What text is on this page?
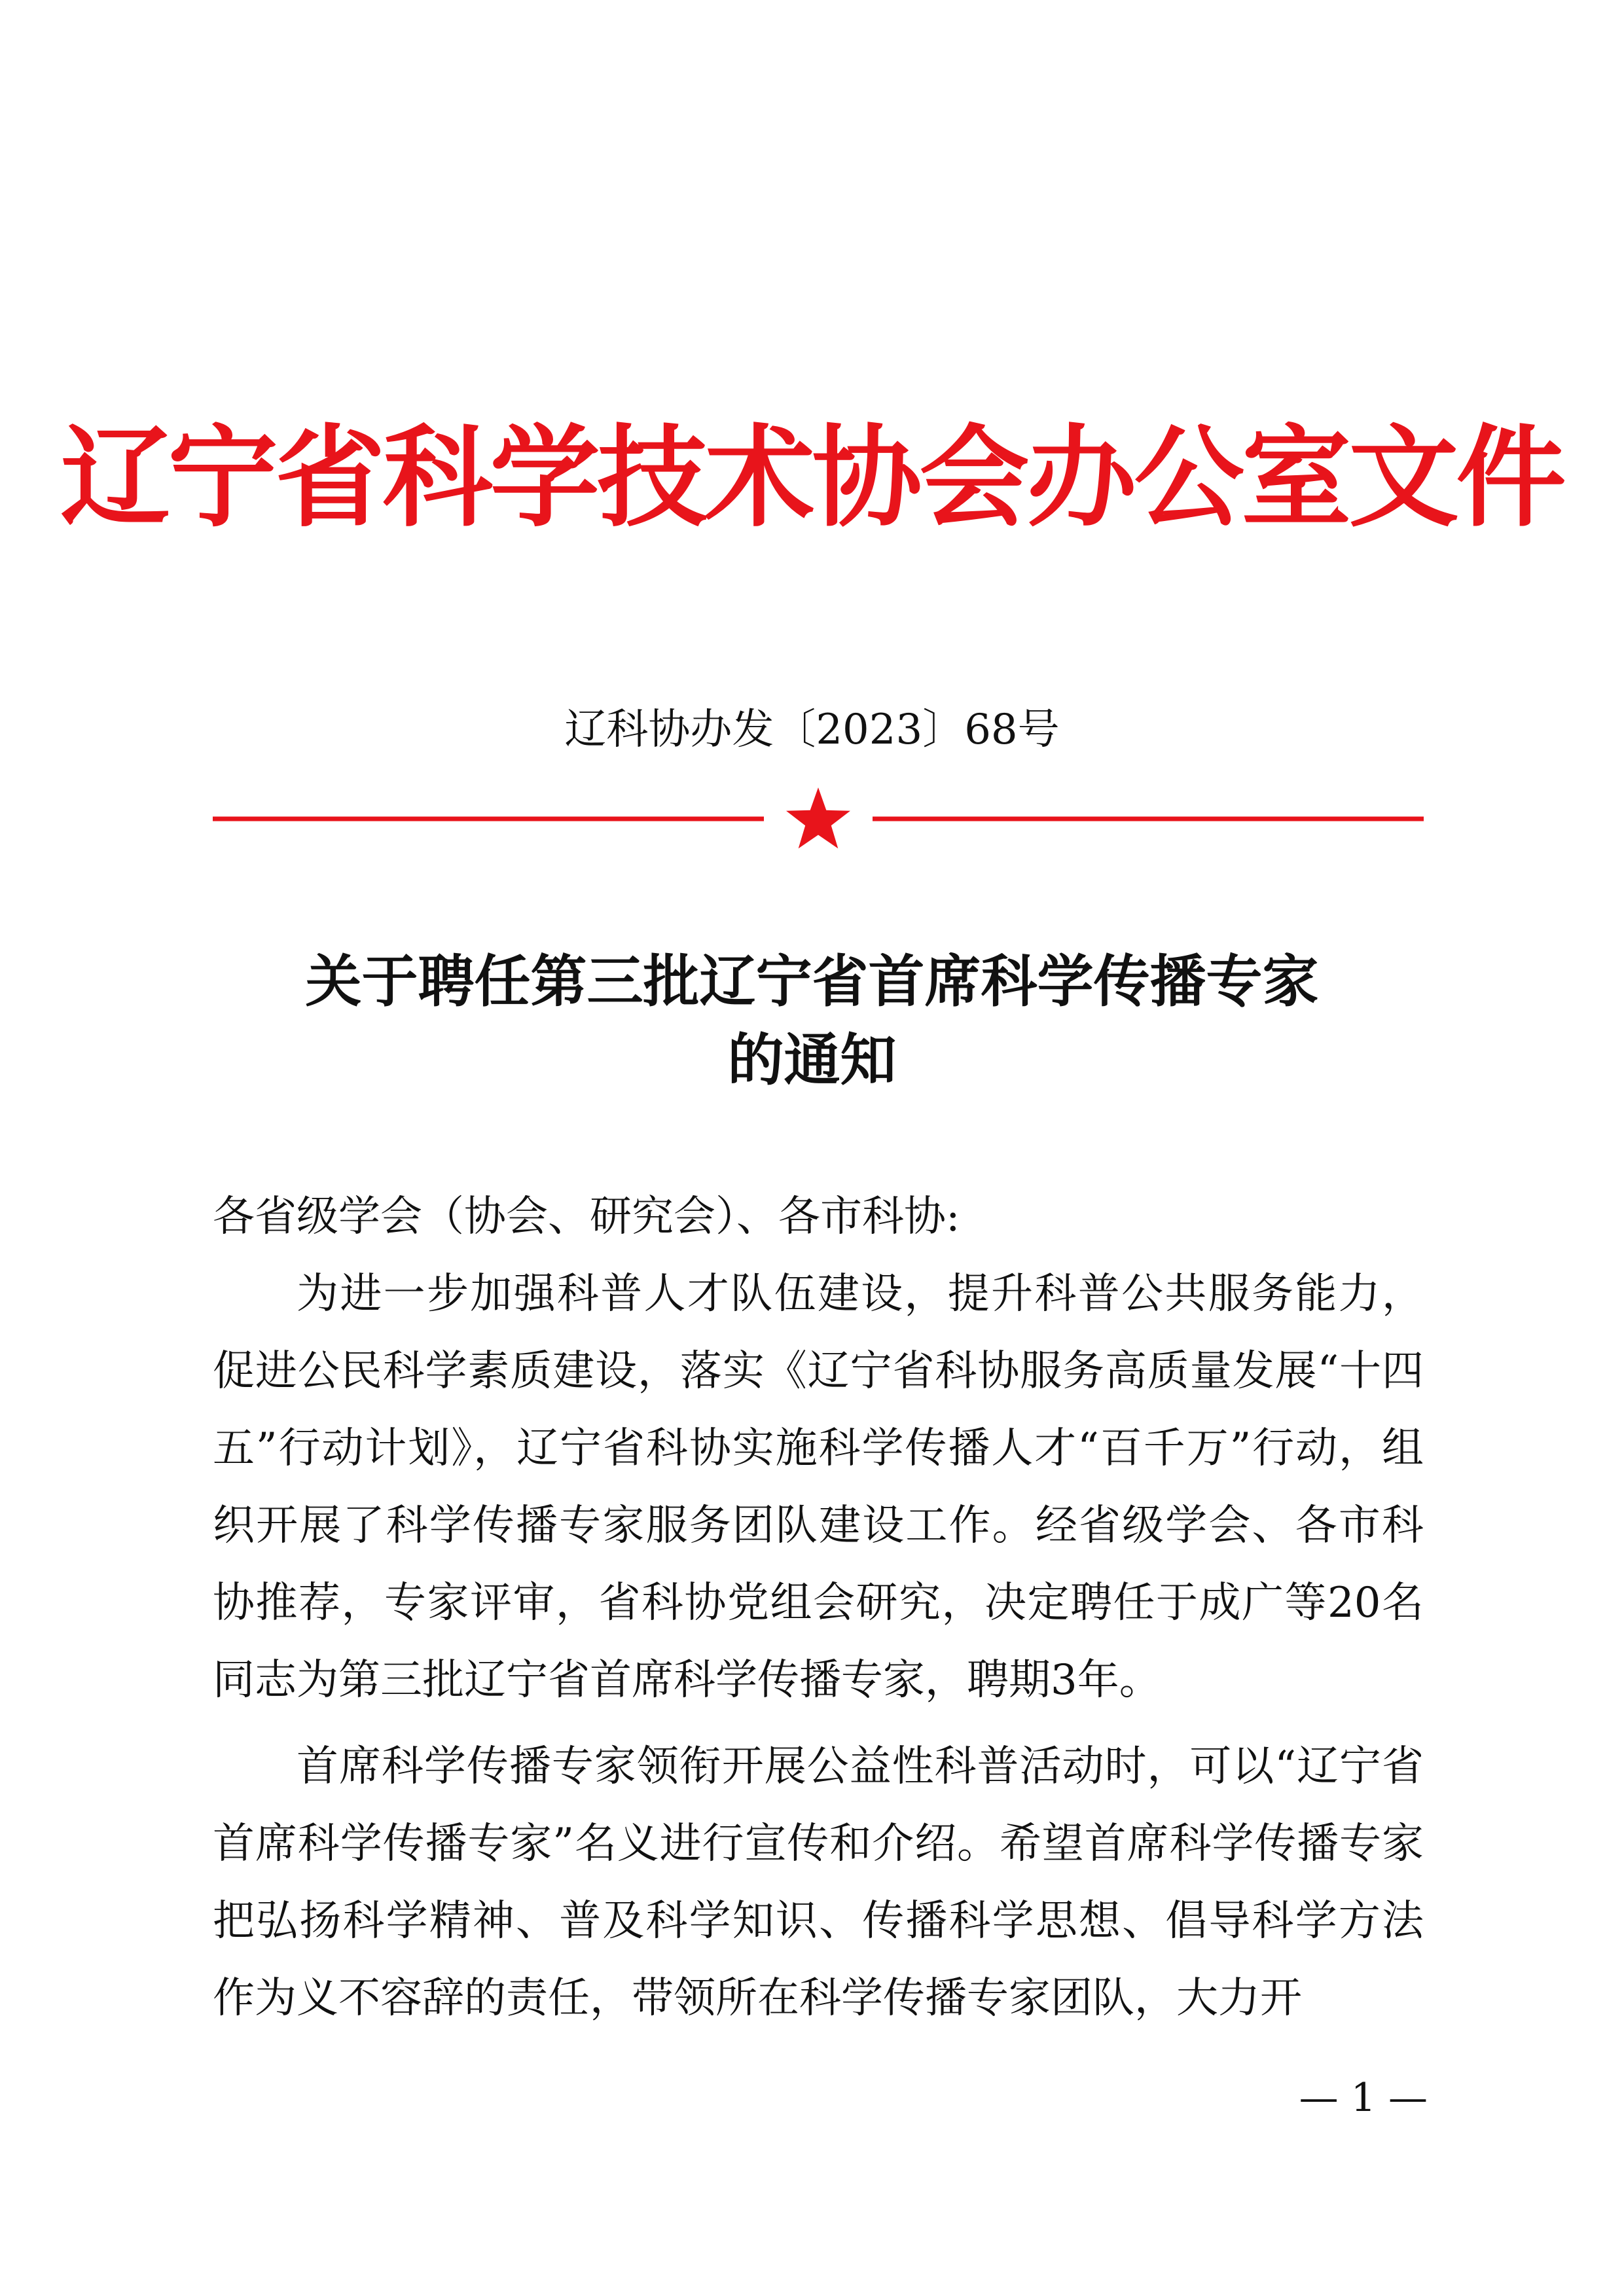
辽宁省科学技术协会办公室文件
辽科协办发〔2023〕68号
关于聘任第三批辽宁省首席科学传播专家
的通知

各省级学会（协会、研究会）、各市科协:

为进一步加强科普人才队伍建设，提升科普公共服务能力，促进公民科学素质建设，落实《辽宁省科协服务高质量发展“十四五”行动计划》，辽宁省科协实施科学传播人才“百千万”行动，组织开展了科学传播专家服务团队建设工作。经省级学会、各市科协推荐，专家评审，省科协党组会研究，决定聘任于成广等20名同志为第三批辽宁省首席科学传播专家，聘期3年。

首席科学传播专家领衔开展公益性科普活动时，可以“辽宁省首席科学传播专家”名义进行宣传和介绍。希望首席科学传播专家把弘扬科学精神、普及科学知识、传播科学思想、倡导科学方法作为义不容辞的责任，带领所在科学传播专家团队，大力开

— 1 —
